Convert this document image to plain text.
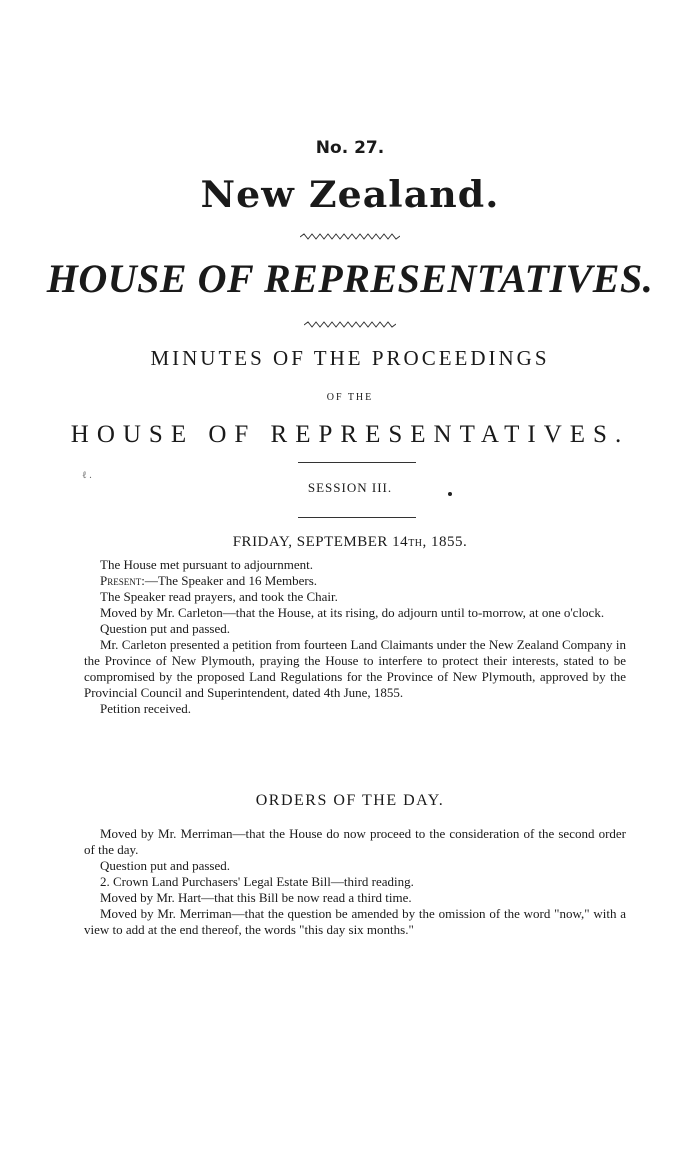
No. 27.
New Zealand.
HOUSE OF REPRESENTATIVES.
MINUTES OF THE PROCEEDINGS
OF THE
HOUSE OF REPRESENTATIVES.
ℓ .
SESSION III.
FRIDAY, SEPTEMBER 14TH, 1855.

The House met pursuant to adjournment.

Present:—The Speaker and 16 Members.

The Speaker read prayers, and took the Chair.

Moved by Mr. Carleton—that the House, at its rising, do adjourn until to-morrow, at one o'clock.

Question put and passed.

Mr. Carleton presented a petition from fourteen Land Claimants under the New Zealand Company in the Province of New Plymouth, praying the House to interfere to protect their interests, stated to be compromised by the proposed Land Regulations for the Province of New Plymouth, approved by the Provincial Council and Superintendent, dated 4th June, 1855.

Petition received.

ORDERS OF THE DAY.

Moved by Mr. Merriman—that the House do now proceed to the consideration of the second order of the day.

Question put and passed.

2. Crown Land Purchasers' Legal Estate Bill—third reading.

Moved by Mr. Hart—that this Bill be now read a third time.

Moved by Mr. Merriman—that the question be amended by the omission of the word "now," with a view to add at the end thereof, the words "this day six months."
